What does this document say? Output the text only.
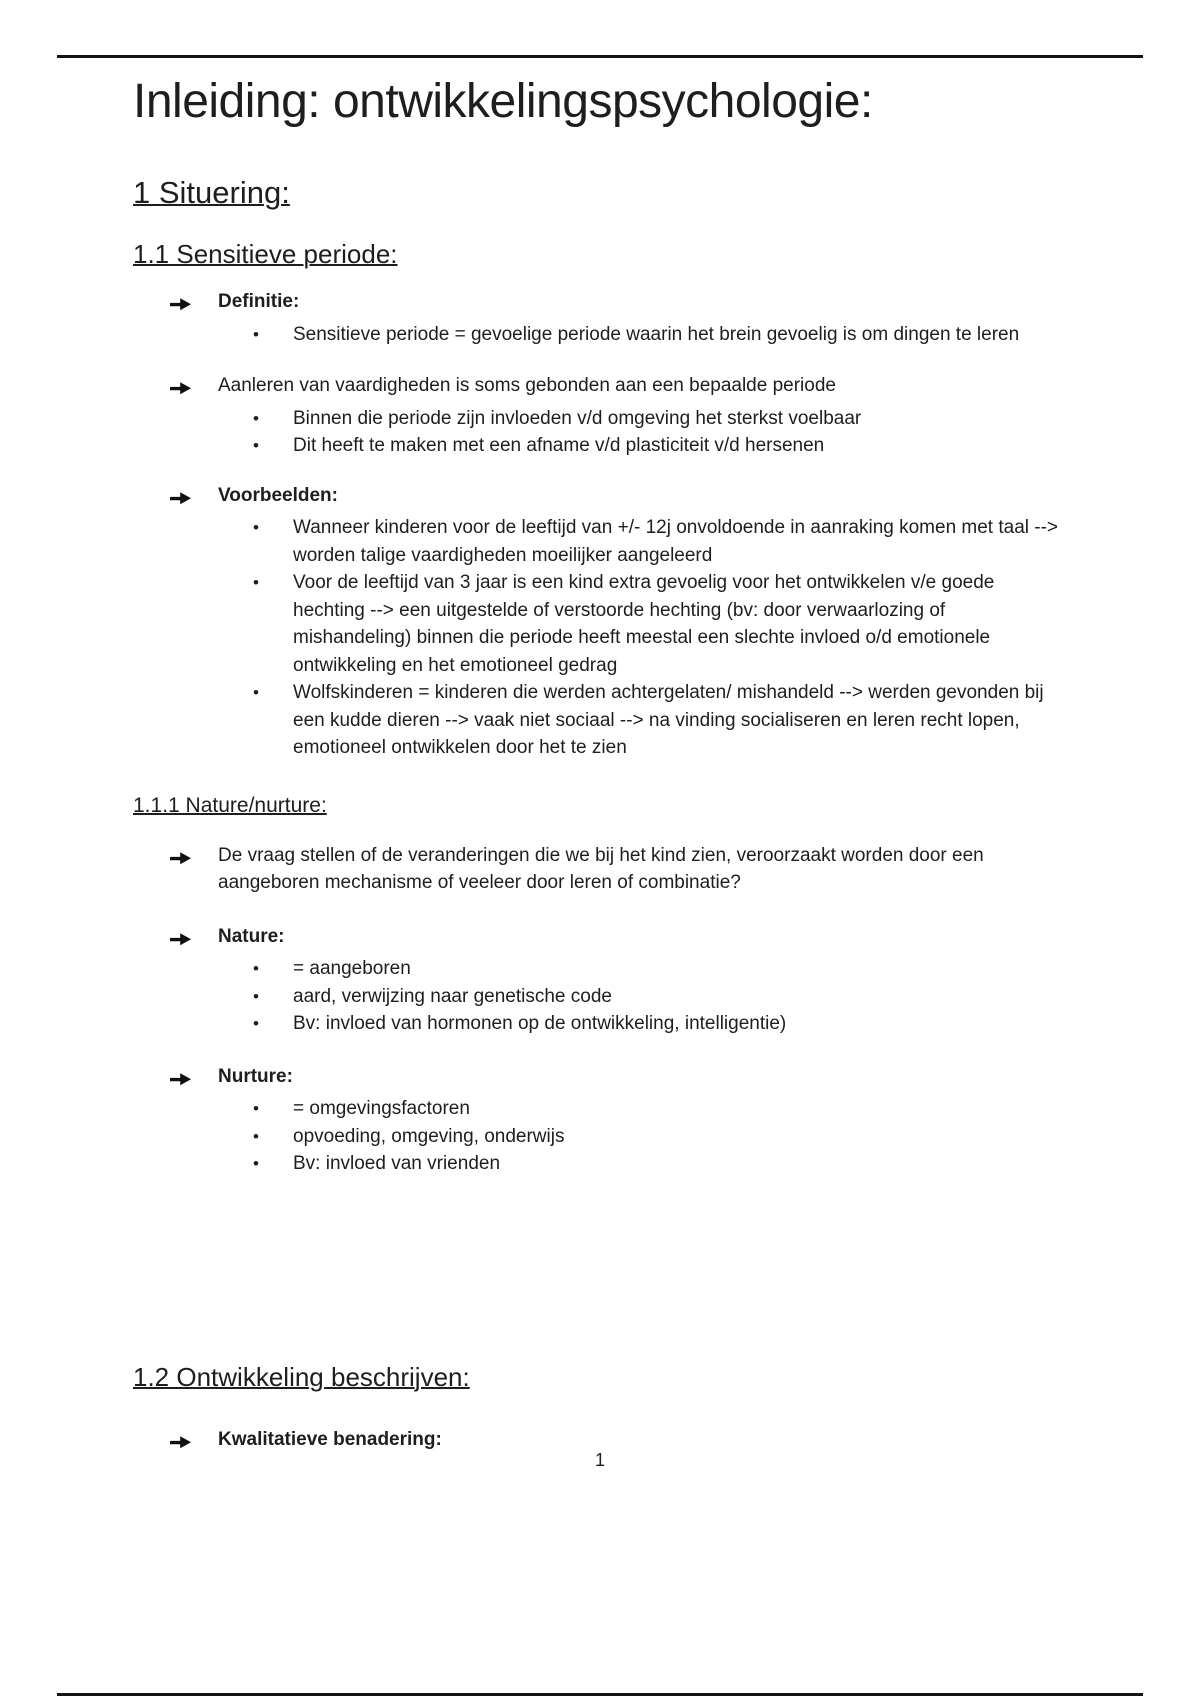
Inleiding: ontwikkelingspsychologie:
1 Situering:
1.1 Sensitieve periode:
Definitie:
•	Sensitieve periode = gevoelige periode waarin het brein gevoelig is om dingen te leren
Aanleren van vaardigheden is soms gebonden aan een bepaalde periode
•	Binnen die periode zijn invloeden v/d omgeving het sterkst voelbaar
•	Dit heeft te maken met een afname v/d plasticiteit v/d hersenen
Voorbeelden:
•	Wanneer kinderen voor de leeftijd van +/- 12j onvoldoende in aanraking komen met taal --> worden talige vaardigheden moeilijker aangeleerd
•	Voor de leeftijd van 3 jaar is een kind extra gevoelig voor het ontwikkelen v/e goede hechting --> een uitgestelde of verstoorde hechting (bv: door verwaarlozing of mishandeling) binnen die periode heeft meestal een slechte invloed o/d emotionele ontwikkeling en het emotioneel gedrag
•	Wolfskinderen = kinderen die werden achtergelaten/ mishandeld --> werden gevonden bij een kudde dieren --> vaak niet sociaal --> na vinding socialiseren en leren recht lopen, emotioneel ontwikkelen door het te zien
1.1.1 Nature/nurture:
De vraag stellen of de veranderingen die we bij het kind zien, veroorzaakt worden door een aangeboren mechanisme of veeleer door leren of combinatie?
Nature:
•	= aangeboren
•	aard, verwijzing naar genetische code
•	Bv: invloed van hormonen op de ontwikkeling, intelligentie)
Nurture:
•	= omgevingsfactoren
•	opvoeding, omgeving, onderwijs
•	Bv: invloed van vrienden
1.2 Ontwikkeling beschrijven:
Kwalitatieve benadering:
1
